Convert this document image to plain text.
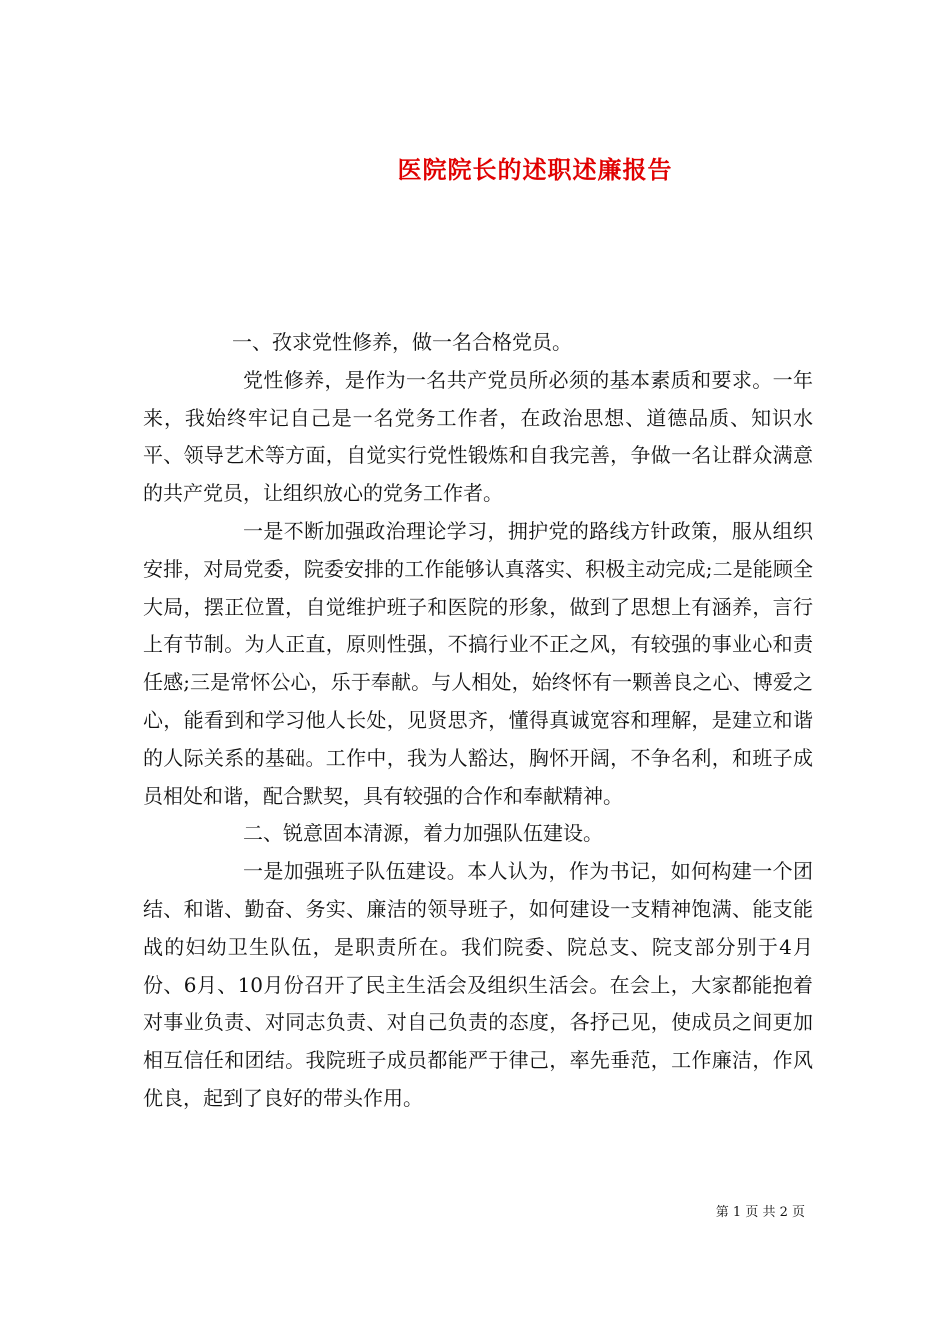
医院院长的述职述廉报告

一、孜求党性修养，做一名合格党员。

党性修养，是作为一名共产党员所必须的基本素质和要求。一年来，我始终牢记自己是一名党务工作者，在政治思想、道德品质、知识水平、领导艺术等方面，自觉实行党性锻炼和自我完善，争做一名让群众满意的共产党员，让组织放心的党务工作者。

一是不断加强政治理论学习，拥护党的路线方针政策，服从组织安排，对局党委，院委安排的工作能够认真落实、积极主动完成;二是能顾全大局，摆正位置，自觉维护班子和医院的形象，做到了思想上有涵养，言行上有节制。为人正直，原则性强，不搞行业不正之风，有较强的事业心和责任感;三是常怀公心，乐于奉献。与人相处，始终怀有一颗善良之心、博爱之心，能看到和学习他人长处，见贤思齐，懂得真诚宽容和理解，是建立和谐的人际关系的基础。工作中，我为人豁达，胸怀开阔，不争名利，和班子成员相处和谐，配合默契，具有较强的合作和奉献精神。

二、锐意固本清源，着力加强队伍建设。

一是加强班子队伍建设。本人认为，作为书记，如何构建一个团结、和谐、勤奋、务实、廉洁的领导班子，如何建设一支精神饱满、能支能战的妇幼卫生队伍，是职责所在。我们院委、院总支、院支部分别于4月份、6月、10月份召开了民主生活会及组织生活会。在会上，大家都能抱着对事业负责、对同志负责、对自己负责的态度，各抒己见，使成员之间更加相互信任和团结。我院班子成员都能严于律己，率先垂范，工作廉洁，作风优良，起到了良好的带头作用。

第 1 页 共 2 页
